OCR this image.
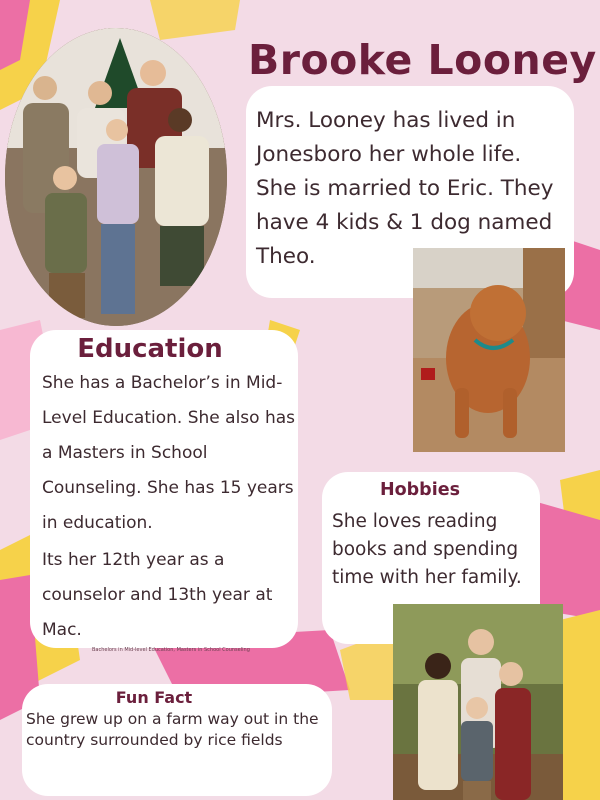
Brooke Looney
Mrs. Looney has lived in Jonesboro her whole life. She is married to Eric. They have 4 kids & 1 dog named Theo.
Education

She has a Bachelor’s in Mid-Level Education. She also has a Masters in School Counseling. She has 15 years in education.

Its her 12th year as a counselor and 13th year at Mac.

Bachelors in Mid-level Education, Masters in School Counseling
Hobbies

She loves reading books and spending time with her family.

Fun Fact

She grew up on a farm way out in the country surrounded by rice fields
